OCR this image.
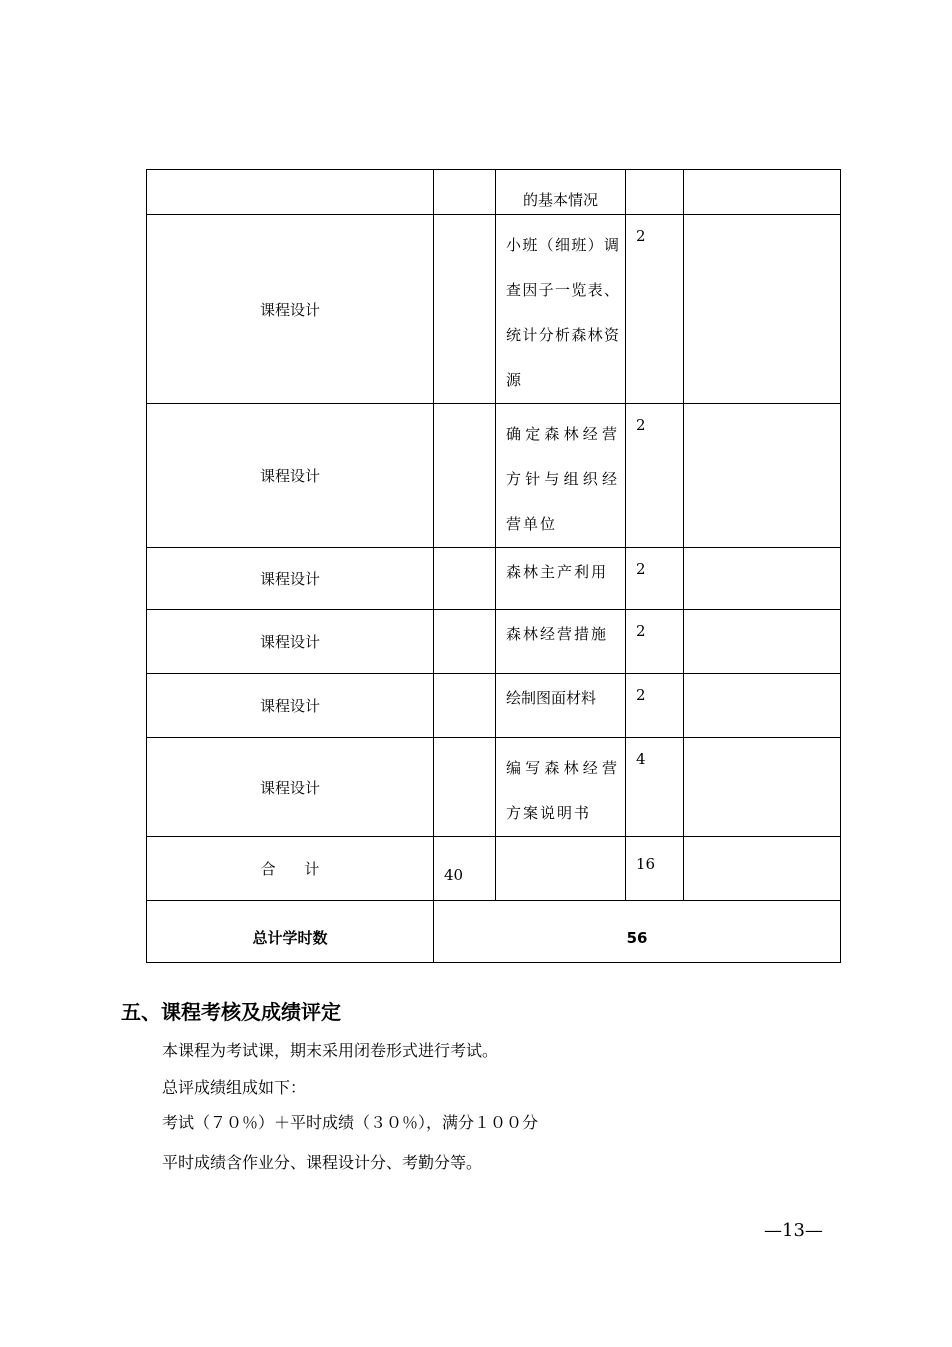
		的基本情况		
课程设计		小班（细班）调查因子一览表、统计分析森林资源	2	
课程设计		确定森林经营方针与组织经营单位	2	
课程设计		森林主产利用	2	
课程设计		森林经营措施	2	
课程设计		绘制图面材料	2	
课程设计		编写森林经营方案说明书	4	
合 计	40		16	
总计学时数	56			
五、课程考核及成绩评定

本课程为考试课，期末采用闭卷形式进行考试。

总评成绩组成如下：

考试（７０％）＋平时成绩（３０％），满分１００分

平时成绩含作业分、课程设计分、考勤分等。

—13—
